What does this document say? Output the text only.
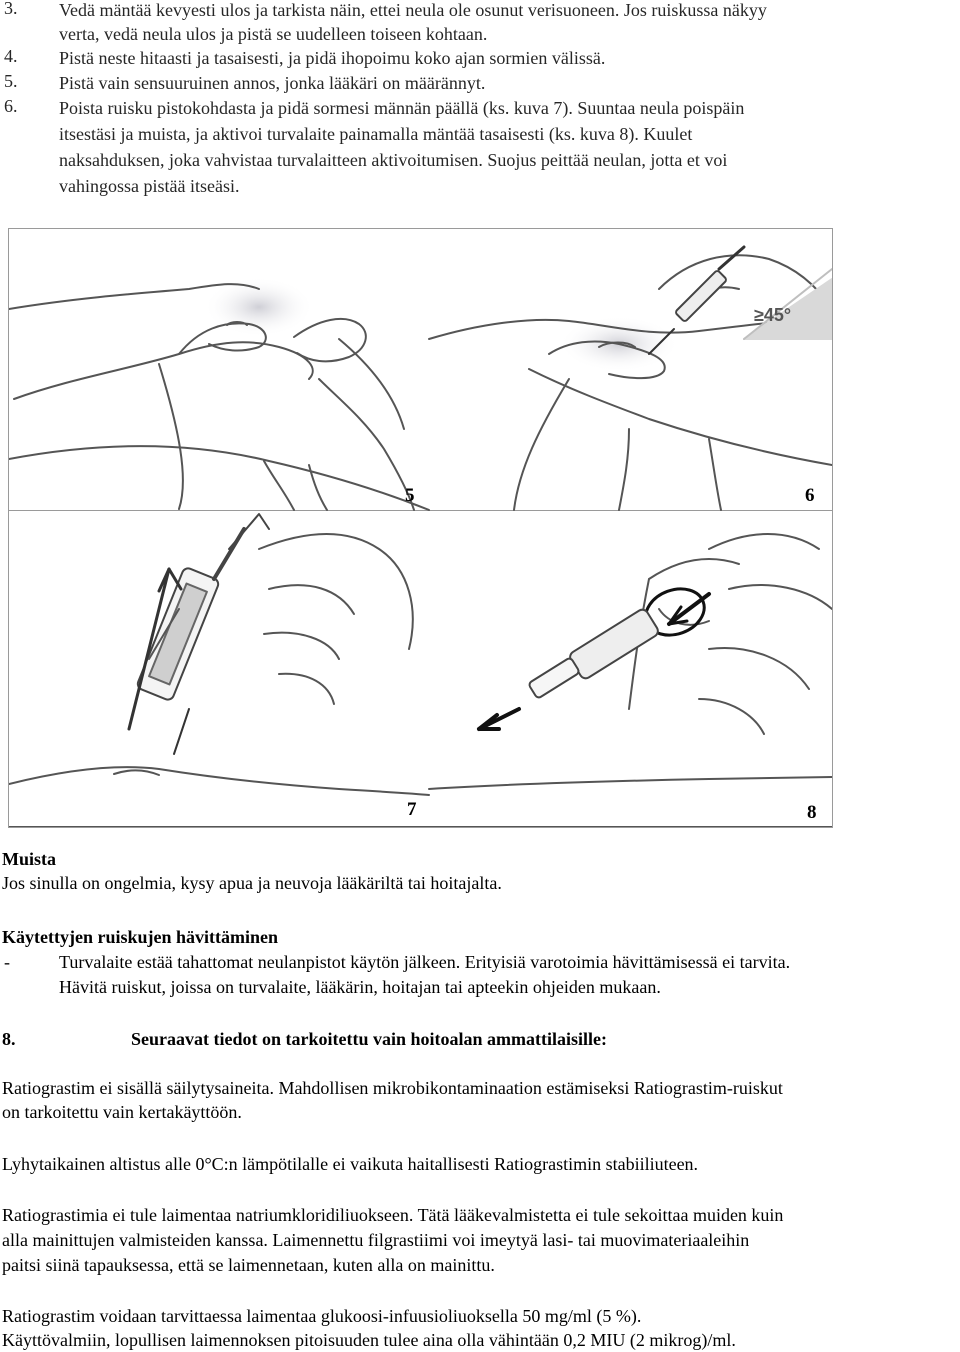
3. Vedä mäntää kevyesti ulos ja tarkista näin, ettei neula ole osunut verisuoneen. Jos ruiskussa näkyy
verta, vedä neula ulos ja pistä se uudelleen toiseen kohtaan.
4. Pistä neste hitaasti ja tasaisesti, ja pidä ihopoimu koko ajan sormien välissä.
5. Pistä vain sensuuruinen annos, jonka lääkäri on määrännyt.
6. Poista ruisku pistokohdasta ja pidä sormesi männän päällä (ks. kuva 7). Suuntaa neula poispäin
itsestäsi ja muista, ja aktivoi turvalaite painamalla mäntää tasaisesti (ks. kuva 8). Kuulet
naksahduksen, joka vahvistaa turvalaitteen aktivoitumisen. Suojus peittää neulan, jotta et voi
vahingossa pistää itseäsi.
≥45°
5	6
7	8
Muista
Jos sinulla on ongelmia, kysy apua ja neuvoja lääkäriltä tai hoitajalta.
Käytettyjen ruiskujen hävittäminen
-	Turvalaite estää tahattomat neulanpistot käytön jälkeen. Erityisiä varotoimia hävittämisessä ei tarvita.
Hävitä ruiskut, joissa on turvalaite, lääkärin, hoitajan tai apteekin ohjeiden mukaan.
8.	Seuraavat tiedot on tarkoitettu vain hoitoalan ammattilaisille:
Ratiograstim ei sisällä säilytysaineita. Mahdollisen mikrobikontaminaation estämiseksi Ratiograstim-ruiskut
on tarkoitettu vain kertakäyttöön.
Lyhytaikainen altistus alle 0°C:n lämpötilalle ei vaikuta haitallisesti Ratiograstimin stabiiliuteen.
Ratiograstimia ei tule laimentaa natriumkloridiliuokseen. Tätä lääkevalmistetta ei tule sekoittaa muiden kuin
alla mainittujen valmisteiden kanssa. Laimennettu filgrastiimi voi imeytyä lasi- tai muovimateriaaleihin
paitsi siinä tapauksessa, että se laimennetaan, kuten alla on mainittu.
Ratiograstim voidaan tarvittaessa laimentaa glukoosi-infuusioliuoksella 50 mg/ml (5 %).
Käyttövalmiin, lopullisen laimennoksen pitoisuuden tulee aina olla vähintään 0,2 MIU (2 mikrog)/ml.
